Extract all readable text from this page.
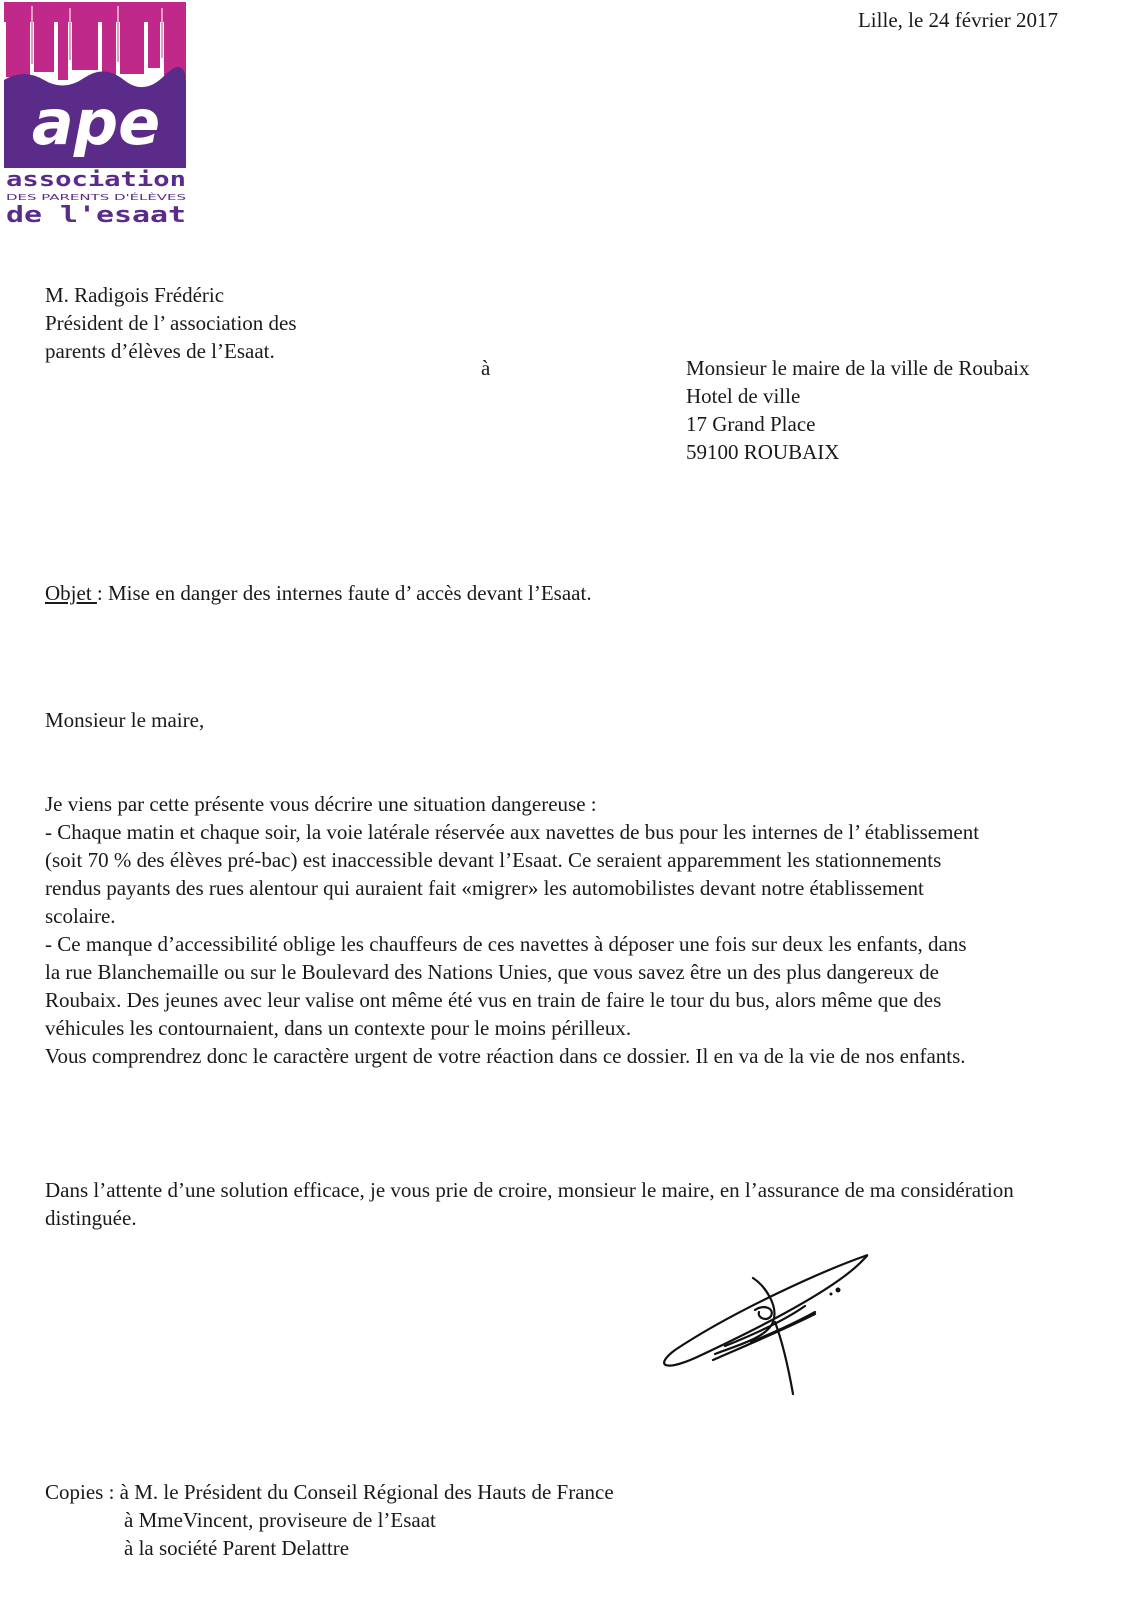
ape
association
DES PARENTS D'ÉLÈVES
de l'esaat
Lille, le 24 février 2017
M. Radigois Frédéric
Président de l’ association des
parents d’élèves de l’Esaat.
à	Monsieur le maire de la ville de Roubaix
Hotel de ville
17 Grand Place
59100 ROUBAIX
Objet : Mise en danger des internes faute d’ accès devant l’Esaat.
Monsieur le maire,
Je viens par cette présente vous décrire une situation dangereuse :
- Chaque matin et chaque soir, la voie latérale réservée aux navettes de bus pour les internes de l’ établissement
(soit 70 % des élèves pré-bac) est inaccessible devant l’Esaat. Ce seraient apparemment les stationnements
rendus payants des rues alentour qui auraient fait «migrer» les automobilistes devant notre établissement
scolaire.
- Ce manque d’accessibilité oblige les chauffeurs de ces navettes à déposer une fois sur deux les enfants, dans
la rue Blanchemaille ou sur le Boulevard des Nations Unies, que vous savez être un des plus dangereux de
Roubaix. Des jeunes avec leur valise ont même été vus en train de faire le tour du bus, alors même que des
véhicules les contournaient, dans un contexte pour le moins périlleux.
Vous comprendrez donc le caractère urgent de votre réaction dans ce dossier. Il en va de la vie de nos enfants.
Dans l’attente d’une solution efficace, je vous prie de croire, monsieur le maire, en l’assurance de ma considération
distinguée.
Copies : à M. le Président du Conseil Régional des Hauts de France
à MmeVincent, proviseure de l’Esaat
à la société Parent Delattre
